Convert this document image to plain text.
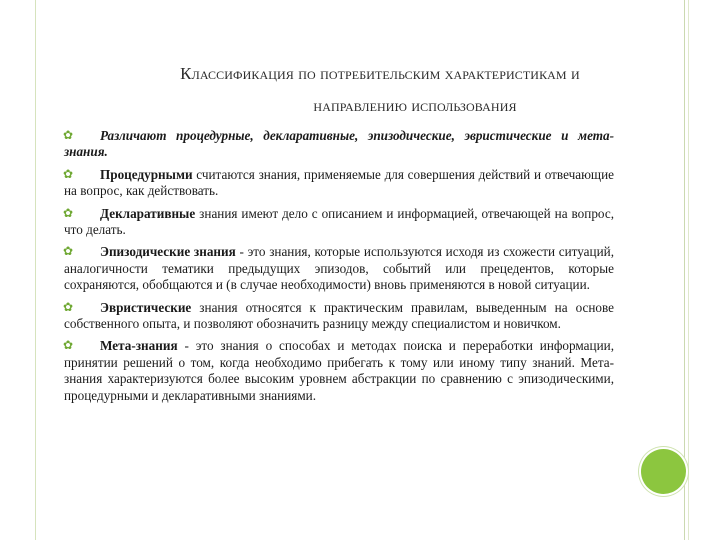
Классификация по потребительским характеристикам и
направлению использования
✿	Различают процедурные, декларативные, эпизодические, эвристические и мета-знания.

✿	Процедурными считаются знания, применяемые для совершения действий и отвечающие на вопрос, как действовать.

✿	Декларативные знания имеют дело с описанием и информацией, отвечающей на вопрос, что делать.

✿	Эпизодические знания - это знания, которые используются исходя из схожести ситуаций, аналогичности тематики предыдущих эпизодов, событий или прецедентов, которые сохраняются, обобщаются и (в случае необходимости) вновь применяются в новой ситуации.

✿	Эвристические знания относятся к практическим правилам, выведенным на основе собственного опыта, и позволяют обозначить разницу между специалистом и новичком.

✿	Мета-знания - это знания о способах и методах поиска и переработки информации, принятии решений о том, когда необходимо прибегать к тому или иному типу знаний. Мета-знания характеризуются более высоким уровнем абстракции по сравнению с эпизодическими, процедурными и декларативными знаниями.
